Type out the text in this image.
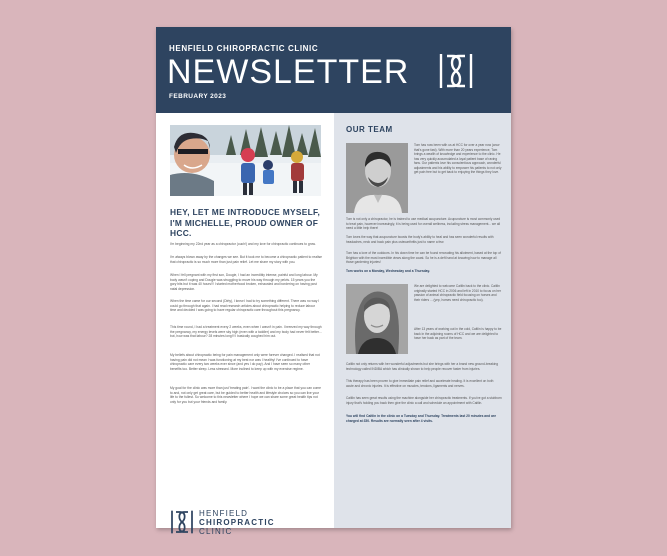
HENFIELD CHIROPRACTIC CLINIC
NEWSLETTER
FEBRUARY 2023
HEY, LET ME INTRODUCE MYSELF, I'M MICHELLE, PROUD OWNER OF HCC.
I'm beginning my 22nd year as a chiropractor (ouch!) and my love for chiropractic continues to grow.
I'm always blown away by the changes we see. But it took me to become a chiropractic patient to realise that chiropractic is so much more than just pain relief. Let me share my story with you.
When I fell pregnant with my first son, Dougie, I had an incredibly intense, painful and long labour. My body wasn't coping and Dougie was struggling to move his way through my pelvis. 15 years you the gory bits but it was 40 hours!!! I started motherhood broken, exhausted and bordering on having post natal depression.
When the time came for our second (Dirty), I knew I had to try something different. There was no way I could go through that again. I had read research articles about chiropractic helping to reduce labour time and decided I was going to have regular chiropractic care throughout this pregnancy.
This time round, I had a treatment every 2 weeks, even when I wasn't in pain. I breezed my way through the pregnancy, my energy levels were sky high (even with a toddler) and my body had never felt better... but, how was that labour? 28 minutes long!!! I basically coughed him out.
My beliefs about chiropractic being for pain management only were forever changed. I realised that not having pain did not mean I was functioning at my best nor was I healthy! I've continued to have chiropractic care every two weeks ever since (and yes I do pay). And I have seen so many other benefits too. Better sleep. Less stressed. More inclined to keep up with my exercise regime.
My goal for the clinic was more than just 'treating pain'. I want the clinic to be a place that you can come to and, not only get great care, but be guided to better health and lifestyle choices so you can live your life to the fullest. So welcome to this newsletter where I hope we can share some great health tips not only for you but your friends and family.
HENFIELD
CHIROPRACTIC
CLINIC
OUR TEAM
Tom has now been with us at HCC for over a year now (wow that's gone fast). With more than 20 years experience, Tom brings a wealth of knowledge and experience to the clinic. He has very quickly accumulated a loyal patient base of raving fans. Our patients love his conscientious approach, wonderful adjustments and his ability to empower his patients to not only get pain free but to get back to enjoying the things they love.
Tom is not only a chiropractor, he is trained to use medical acupuncture. Acupuncture is most commonly used to treat pain, however increasingly, it is being used for overall wellness, including stress management... we all need a little help there!
Tom loves the way that acupuncture boosts the body's ability to heal and has seen wonderful results with headaches, neck and back pain plus osteoarthritis just to name a few.
Tom has a love of the outdoors. In his down time he can be found renovating his allotment, based at the top of Brighton with the most incredible views along the coast. So he is a deft hand at knowing how to manage all those gardening injuries!
Tom works on a Monday, Wednesday and a Thursday.
We are delighted to welcome Caitlin back to the clinic. Caitlin originally started HCC in 2006 and left in 2010 to focus on her passion of animal chiropractic field focusing on horses and their riders ... (yep, horses need chiropractic too).
After 13 years of working out in the cold, Caitlin is happy to be back in the adjoining rooms of HCC and we are delighted to have her back as part of the team.
Caitlin not only returns with her wonderful adjustments but she brings with her a brand new ground-breaking technology called INDIBA which has clinically shown to help people recover faster from injuries.
This therapy has been proven to give immediate pain relief and accelerate healing. It is excellent on both acute and chronic injuries. It is effective on muscles, tendons, ligaments and nerves.
Caitlin has seen great results using the machine alongside her chiropractic treatments. If you've got a stubborn injury that's holding you back then give the clinic a call and schedule an appointment with Caitlin.
You will find Caitlin in the clinic on a Tuesday and Thursday. Treatments last 20 minutes and are charged at £50. Results are normally seen after 4 visits.
